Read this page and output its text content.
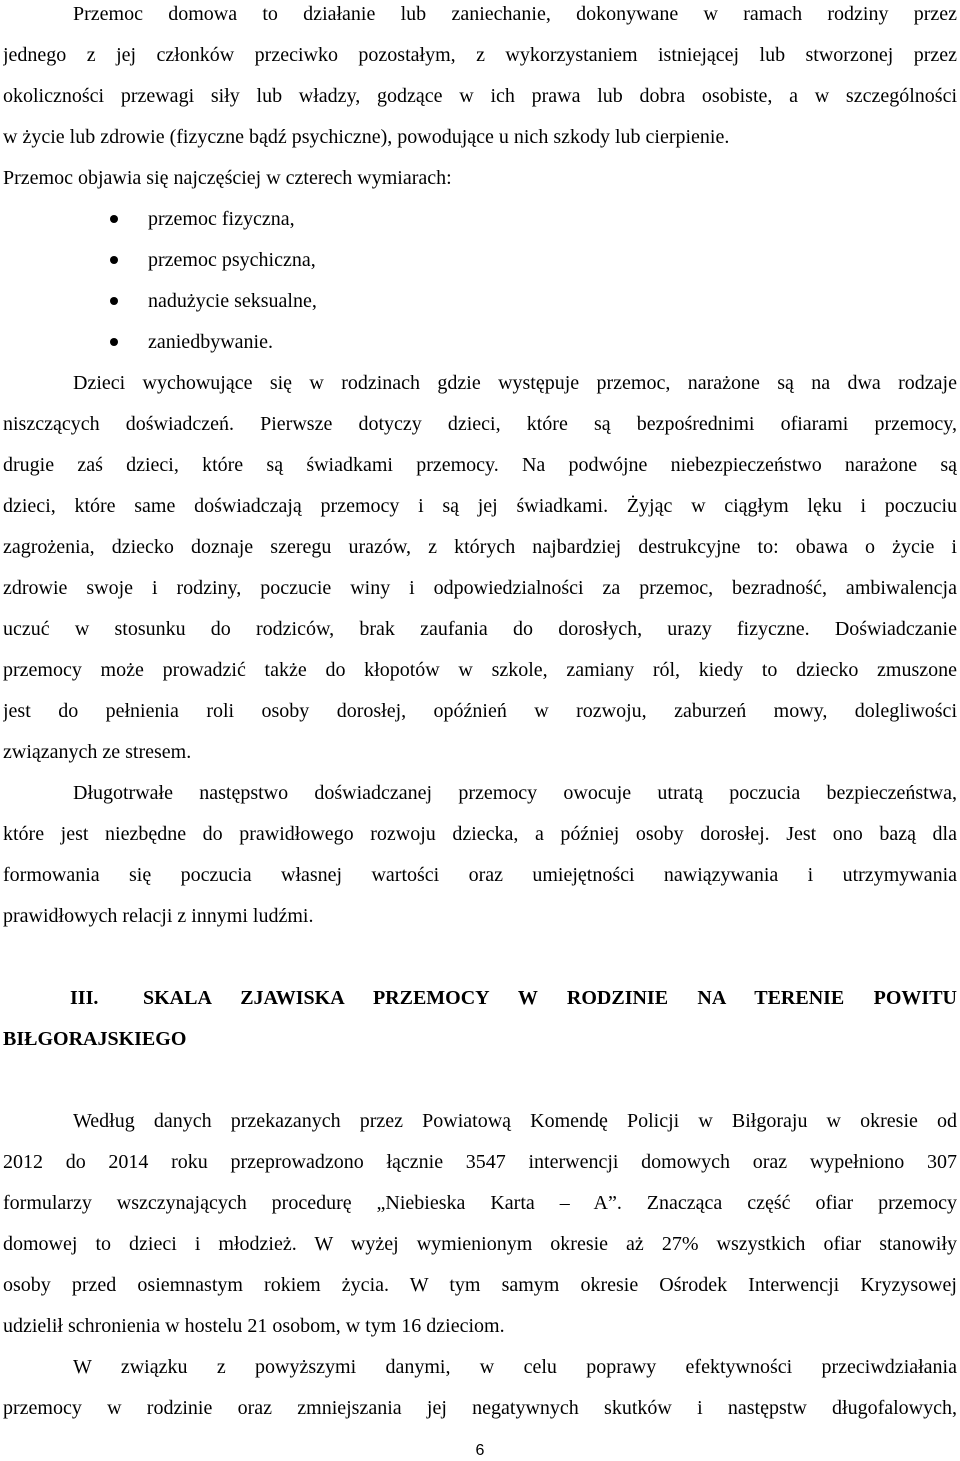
Przemoc domowa to działanie lub zaniechanie, dokonywane w ramach rodziny przez
jednego z jej członków przeciwko pozostałym, z wykorzystaniem istniejącej lub stworzonej przez
okoliczności przewagi siły lub władzy, godzące w ich prawa lub dobra osobiste, a w szczególności
w życie lub zdrowie (fizyczne bądź psychiczne), powodujące u nich szkody lub cierpienie.
Przemoc objawia się najczęściej w czterech wymiarach:
przemoc fizyczna,
przemoc psychiczna,
nadużycie seksualne,
zaniedbywanie.
Dzieci wychowujące się w rodzinach gdzie występuje przemoc, narażone są na dwa rodzaje
niszczących doświadczeń. Pierwsze dotyczy dzieci, które są bezpośrednimi ofiarami przemocy,
drugie zaś dzieci, które są świadkami przemocy. Na podwójne niebezpieczeństwo narażone są
dzieci, które same doświadczają przemocy i są jej świadkami. Żyjąc w ciągłym lęku i poczuciu
zagrożenia, dziecko doznaje szeregu urazów, z których najbardziej destrukcyjne to: obawa o życie i
zdrowie swoje i rodziny, poczucie winy i odpowiedzialności za przemoc, bezradność, ambiwalencja
uczuć w stosunku do rodziców, brak zaufania do dorosłych, urazy fizyczne. Doświadczanie
przemocy może prowadzić także do kłopotów w szkole, zamiany ról, kiedy to dziecko zmuszone
jest do pełnienia roli osoby dorosłej, opóźnień w rozwoju, zaburzeń mowy, dolegliwości
związanych ze stresem.
Długotrwałe następstwo doświadczanej przemocy owocuje utratą poczucia bezpieczeństwa,
które jest niezbędne do prawidłowego rozwoju dziecka, a później osoby dorosłej. Jest ono bazą dla
formowania się poczucia własnej wartości oraz umiejętności nawiązywania i utrzymywania
prawidłowych relacji z innymi ludźmi.
III. SKALA ZJAWISKA PRZEMOCY W RODZINIE NA TERENIE POWITU
BIŁGORAJSKIEGO
Według danych przekazanych przez Powiatową Komendę Policji w Biłgoraju w okresie od
2012 do 2014 roku przeprowadzono łącznie 3547 interwencji domowych oraz wypełniono 307
formularzy wszczynających procedurę „Niebieska Karta – A”. Znacząca część ofiar przemocy
domowej to dzieci i młodzież. W wyżej wymienionym okresie aż 27% wszystkich ofiar stanowiły
osoby przed osiemnastym rokiem życia. W tym samym okresie Ośrodek Interwencji Kryzysowej
udzielił schronienia w hostelu 21 osobom, w tym 16 dzieciom.
W związku z powyższymi danymi, w celu poprawy efektywności przeciwdziałania
przemocy w rodzinie oraz zmniejszania jej negatywnych skutków i następstw długofalowych,
6
